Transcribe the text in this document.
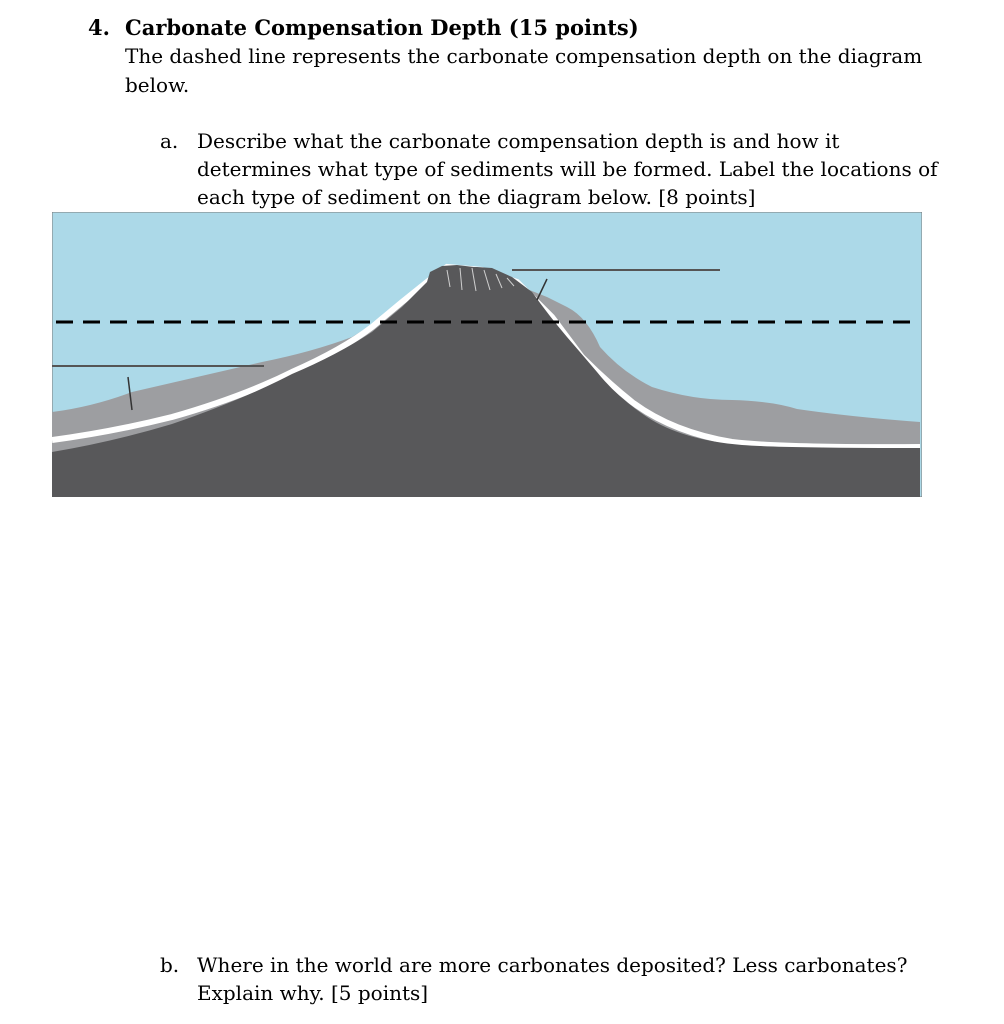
4. Carbonate Compensation Depth (15 points)
The dashed line represents the carbonate compensation depth on the diagram below.
a. Describe what the carbonate compensation depth is and how it determines what type of sediments will be formed. Label the locations of each type of sediment on the diagram below. [8 points]
b. Where in the world are more carbonates deposited? Less carbonates? Explain why. [5 points]
